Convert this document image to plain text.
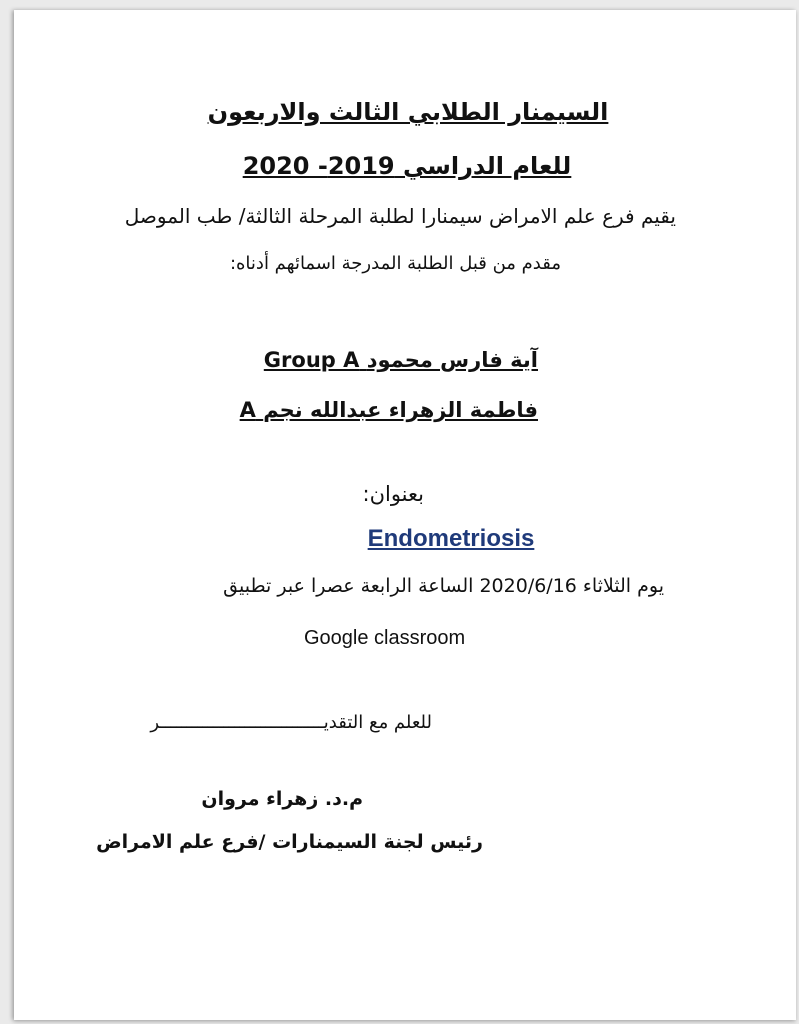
السيمنار الطلابي الثالث والاربعون
للعام الدراسي 2019- 2020
يقيم فرع علم الامراض سيمنارا لطلبة المرحلة الثالثة/ طب الموصل
مقدم من قبل الطلبة المدرجة اسمائهم أدناه:
آية فارس محمود Group A
فاطمة الزهراء عبدالله نجم A
بعنوان:
Endometriosis
يوم الثلاثاء 2020/6/16 الساعة الرابعة عصرا عبر تطبيق
Google classroom
للعلم مع التقديـــــــــــــــــــــــــــــــر
م.د. زهراء مروان
رئيس لجنة السيمنارات /فرع علم الامراض
